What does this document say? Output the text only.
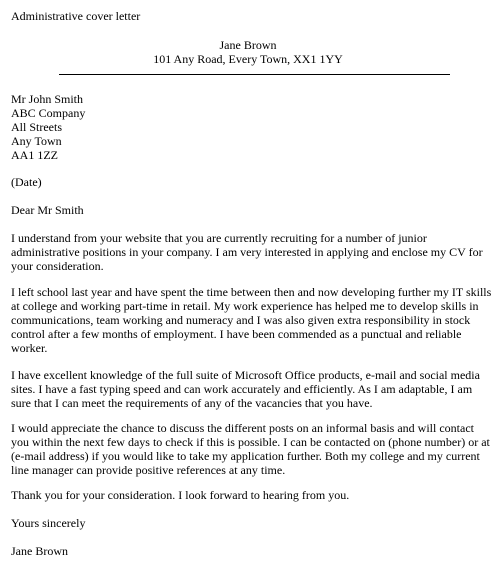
Administrative cover letter
Jane Brown
101 Any Road, Every Town, XX1 1YY
Mr John Smith
ABC Company
All Streets
Any Town
AA1 1ZZ
(Date)
Dear Mr Smith
I understand from your website that you are currently recruiting for a number of junior
administrative positions in your company. I am very interested in applying and enclose my CV for
your consideration.
I left school last year and have spent the time between then and now developing further my IT skills
at college and working part-time in retail. My work experience has helped me to develop skills in
communications, team working and numeracy and I was also given extra responsibility in stock
control after a few months of employment. I have been commended as a punctual and reliable
worker.
I have excellent knowledge of the full suite of Microsoft Office products, e-mail and social media
sites. I have a fast typing speed and can work accurately and efficiently. As I am adaptable, I am
sure that I can meet the requirements of any of the vacancies that you have.
I would appreciate the chance to discuss the different posts on an informal basis and will contact
you within the next few days to check if this is possible. I can be contacted on (phone number) or at
(e-mail address) if you would like to take my application further. Both my college and my current
line manager can provide positive references at any time.
Thank you for your consideration. I look forward to hearing from you.
Yours sincerely
Jane Brown
